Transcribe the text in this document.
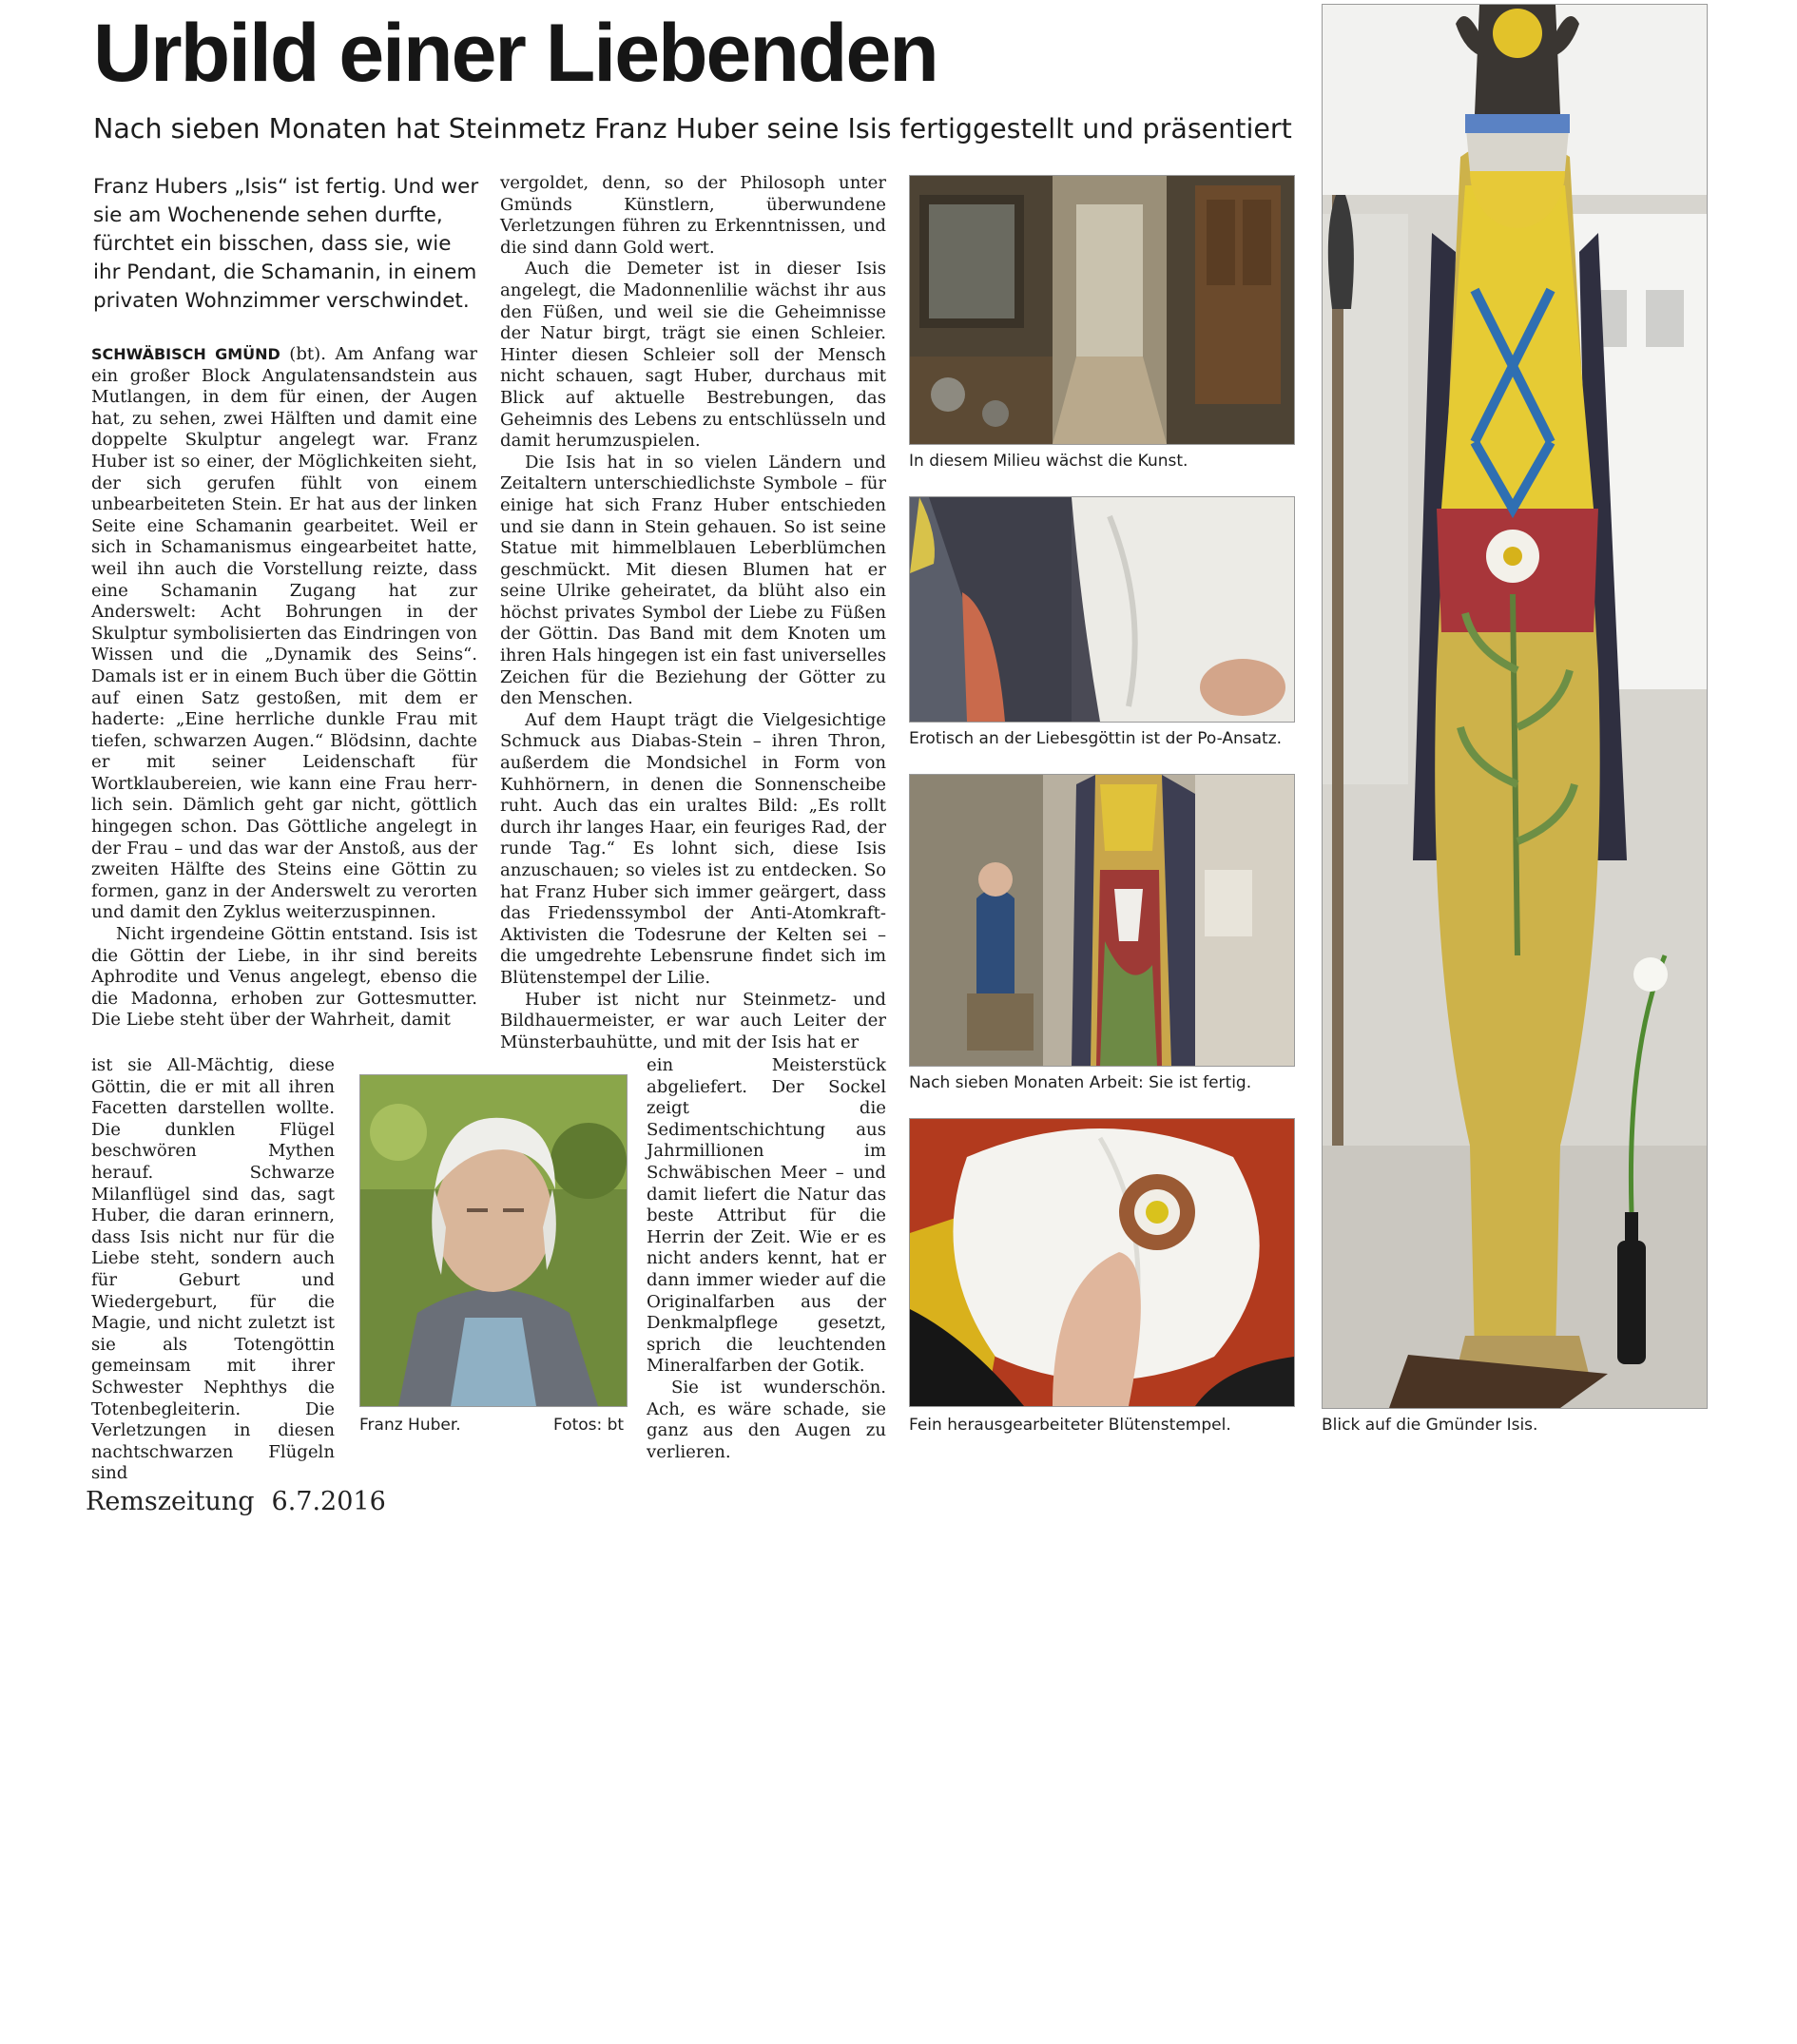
Urbild einer Liebenden
Nach sieben Monaten hat Steinmetz Franz Huber seine Isis fertiggestellt und präsentiert

Franz Hubers „Isis“ ist fertig. Und wer

sie am Wochenende sehen durfte,

fürchtet ein bisschen, dass sie, wie

ihr Pendant, die Schamanin, in einem

privaten Wohnzimmer verschwindet.

SCHWÄBISCH GMÜND (bt). Am Anfang war ein großer Block Angulatensandstein aus Mutlangen, in dem für einen, der Augen hat, zu sehen, zwei Hälften und damit eine doppelte Skulptur angelegt war. Franz Huber ist so einer, der Möglichkeiten sieht, der sich gerufen fühlt von einem unbearbeiteten Stein. Er hat aus der linken Seite eine Schamanin gearbeitet. Weil er sich in Schamanismus eingearbeitet hatte, weil ihn auch die Vorstellung reizte, dass eine Schamanin Zugang hat zur Anderswelt: Acht Bohrungen in der Skulptur symbolisierten das Eindringen von Wissen und die „Dynamik des Seins“. Damals ist er in einem Buch über die Göttin auf einen Satz gestoßen, mit dem er haderte: „Eine herrliche dunkle Frau mit tiefen, schwarzen Augen.“ Blödsinn, dachte er mit seiner Leidenschaft für Wortklaubereien, wie kann eine Frau herr-lich sein. Dämlich geht gar nicht, göttlich hingegen schon. Das Göttliche angelegt in der Frau – und das war der Anstoß, aus der zweiten Hälfte des Steins eine Göttin zu formen, ganz in der Anderswelt zu verorten und damit den Zyklus weiterzuspinnen.

Nicht irgendeine Göttin entstand. Isis ist die Göttin der Liebe, in ihr sind bereits Aphrodite und Venus angelegt, ebenso die die Madonna, erhoben zur Gottesmutter. Die Liebe steht über der Wahrheit, damit

ist sie All-Mächtig, diese Göttin, die er mit all ihren Facetten darstellen wollte. Die dunklen Flügel beschwören Mythen herauf. Schwarze Milanflügel sind das, sagt Huber, die daran erinnern, dass Isis nicht nur für die Liebe steht, sondern auch für Geburt und Wiedergeburt, für die Magie, und nicht zuletzt ist sie als Totengöttin gemeinsam mit ihrer Schwester Nephthys die Totenbegleiterin. Die Verletzungen in diesen nachtschwarzen Flügeln sind

vergoldet, denn, so der Philosoph unter Gmünds Künstlern, überwundene Verletzungen führen zu Erkenntnissen, und die sind dann Gold wert.

Auch die Demeter ist in dieser Isis angelegt, die Madonnenlilie wächst ihr aus den Füßen, und weil sie die Geheimnisse der Natur birgt, trägt sie einen Schleier. Hinter diesen Schleier soll der Mensch nicht schauen, sagt Huber, durchaus mit Blick auf aktuelle Bestrebungen, das Geheimnis des Lebens zu entschlüsseln und damit herumzuspielen.

Die Isis hat in so vielen Ländern und Zeitaltern unterschiedlichste Symbole – für einige hat sich Franz Huber entschieden und sie dann in Stein gehauen. So ist seine Statue mit himmelblauen Leberblümchen geschmückt. Mit diesen Blumen hat er seine Ulrike geheiratet, da blüht also ein höchst privates Symbol der Liebe zu Füßen der Göttin. Das Band mit dem Knoten um ihren Hals hingegen ist ein fast universelles Zeichen für die Beziehung der Götter zu den Menschen.

Auf dem Haupt trägt die Vielgesichtige Schmuck aus Diabas-Stein – ihren Thron, außerdem die Mondsichel in Form von Kuhhörnern, in denen die Sonnenscheibe ruht. Auch das ein uraltes Bild: „Es rollt durch ihr langes Haar, ein feuriges Rad, der runde Tag.“ Es lohnt sich, diese Isis anzuschauen; so vieles ist zu entdecken. So hat Franz Huber sich immer geärgert, dass das Friedenssymbol der Anti-Atomkraft-Aktivisten die Todesrune der Kelten sei – die umgedrehte Lebensrune findet sich im Blütenstempel der Lilie.

Huber ist nicht nur Steinmetz- und Bildhauermeister, er war auch Leiter der Münsterbauhütte, und mit der Isis hat er

ein Meisterstück abgeliefert. Der Sockel zeigt die Sedimentschichtung aus Jahrmillionen im Schwäbischen Meer – und damit liefert die Natur das beste Attribut für die Herrin der Zeit. Wie er es nicht anders kennt, hat er dann immer wieder auf die Originalfarben aus der Denkmalpflege gesetzt, sprich die leuchtenden Mineralfarben der Gotik.

Sie ist wunderschön. Ach, es wäre schade, sie ganz aus den Augen zu verlieren.

Franz Huber.	Fotos: bt
In diesem Milieu wächst die Kunst.
Erotisch an der Liebesgöttin ist der Po-Ansatz.
Nach sieben Monaten Arbeit: Sie ist fertig.
Fein herausgearbeiteter Blütenstempel.	Blick auf die Gmünder Isis.
Remszeitung 6.7.2016
